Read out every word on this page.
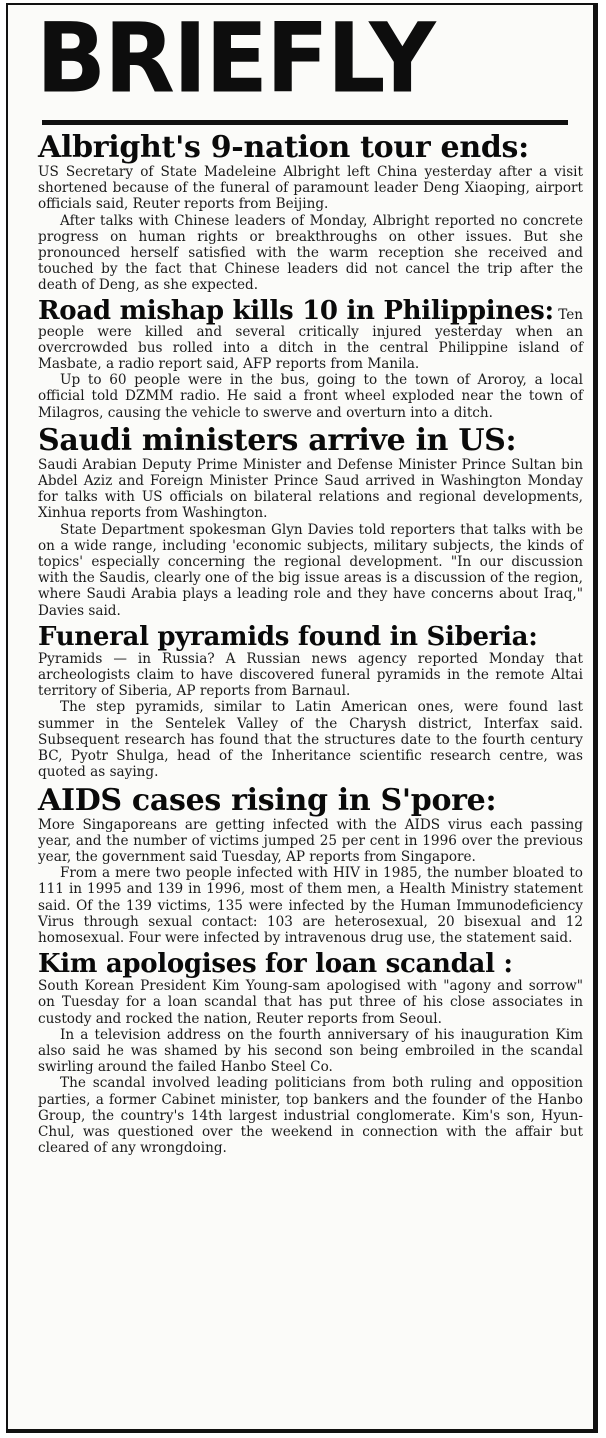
BRIEFLY
Albright's 9-nation tour ends:

US Secretary of State Madeleine Albright left China yesterday after a visit shortened because of the funeral of paramount leader Deng Xiaoping, airport officials said, Reuter reports from Beijing.

After talks with Chinese leaders of Monday, Albright reported no concrete progress on human rights or breakthroughs on other issues. But she pronounced herself satisfied with the warm reception she received and touched by the fact that Chinese leaders did not cancel the trip after the death of Deng, as she expected.

Road mishap kills 10 in Philippines: Ten people were killed and several critically injured yesterday when an overcrowded bus rolled into a ditch in the central Philippine island of Masbate, a radio report said, AFP reports from Manila.

Up to 60 people were in the bus, going to the town of Aroroy, a local official told DZMM radio. He said a front wheel exploded near the town of Milagros, causing the vehicle to swerve and overturn into a ditch.

Saudi ministers arrive in US:

Saudi Arabian Deputy Prime Minister and Defense Minister Prince Sultan bin Abdel Aziz and Foreign Minister Prince Saud arrived in Washington Monday for talks with US officials on bilateral relations and regional developments, Xinhua reports from Washington.

State Department spokesman Glyn Davies told reporters that talks with be on a wide range, including 'economic subjects, military subjects, the kinds of topics' especially concerning the regional development. "In our discussion with the Saudis, clearly one of the big issue areas is a discussion of the region, where Saudi Arabia plays a leading role and they have concerns about Iraq," Davies said.

Funeral pyramids found in Siberia:

Pyramids — in Russia? A Russian news agency reported Monday that archeologists claim to have discovered funeral pyramids in the remote Altai territory of Siberia, AP reports from Barnaul.

The step pyramids, similar to Latin American ones, were found last summer in the Sentelek Valley of the Charysh district, Interfax said. Subsequent research has found that the structures date to the fourth century BC, Pyotr Shulga, head of the Inheritance scientific research centre, was quoted as saying.

AIDS cases rising in S'pore:

More Singaporeans are getting infected with the AIDS virus each passing year, and the number of victims jumped 25 per cent in 1996 over the previous year, the government said Tuesday, AP reports from Singapore.

From a mere two people infected with HIV in 1985, the number bloated to 111 in 1995 and 139 in 1996, most of them men, a Health Ministry statement said. Of the 139 victims, 135 were infected by the Human Immunodeficiency Virus through sexual contact: 103 are heterosexual, 20 bisexual and 12 homosexual. Four were infected by intravenous drug use, the statement said.

Kim apologises for loan scandal :

South Korean President Kim Young-sam apologised with "agony and sorrow" on Tuesday for a loan scandal that has put three of his close associates in custody and rocked the nation, Reuter reports from Seoul.

In a television address on the fourth anniversary of his inauguration Kim also said he was shamed by his second son being embroiled in the scandal swirling around the failed Hanbo Steel Co.

The scandal involved leading politicians from both ruling and opposition parties, a former Cabinet minister, top bankers and the founder of the Hanbo Group, the country's 14th largest industrial conglomerate. Kim's son, Hyun-Chul, was questioned over the weekend in connection with the affair but cleared of any wrongdoing.
